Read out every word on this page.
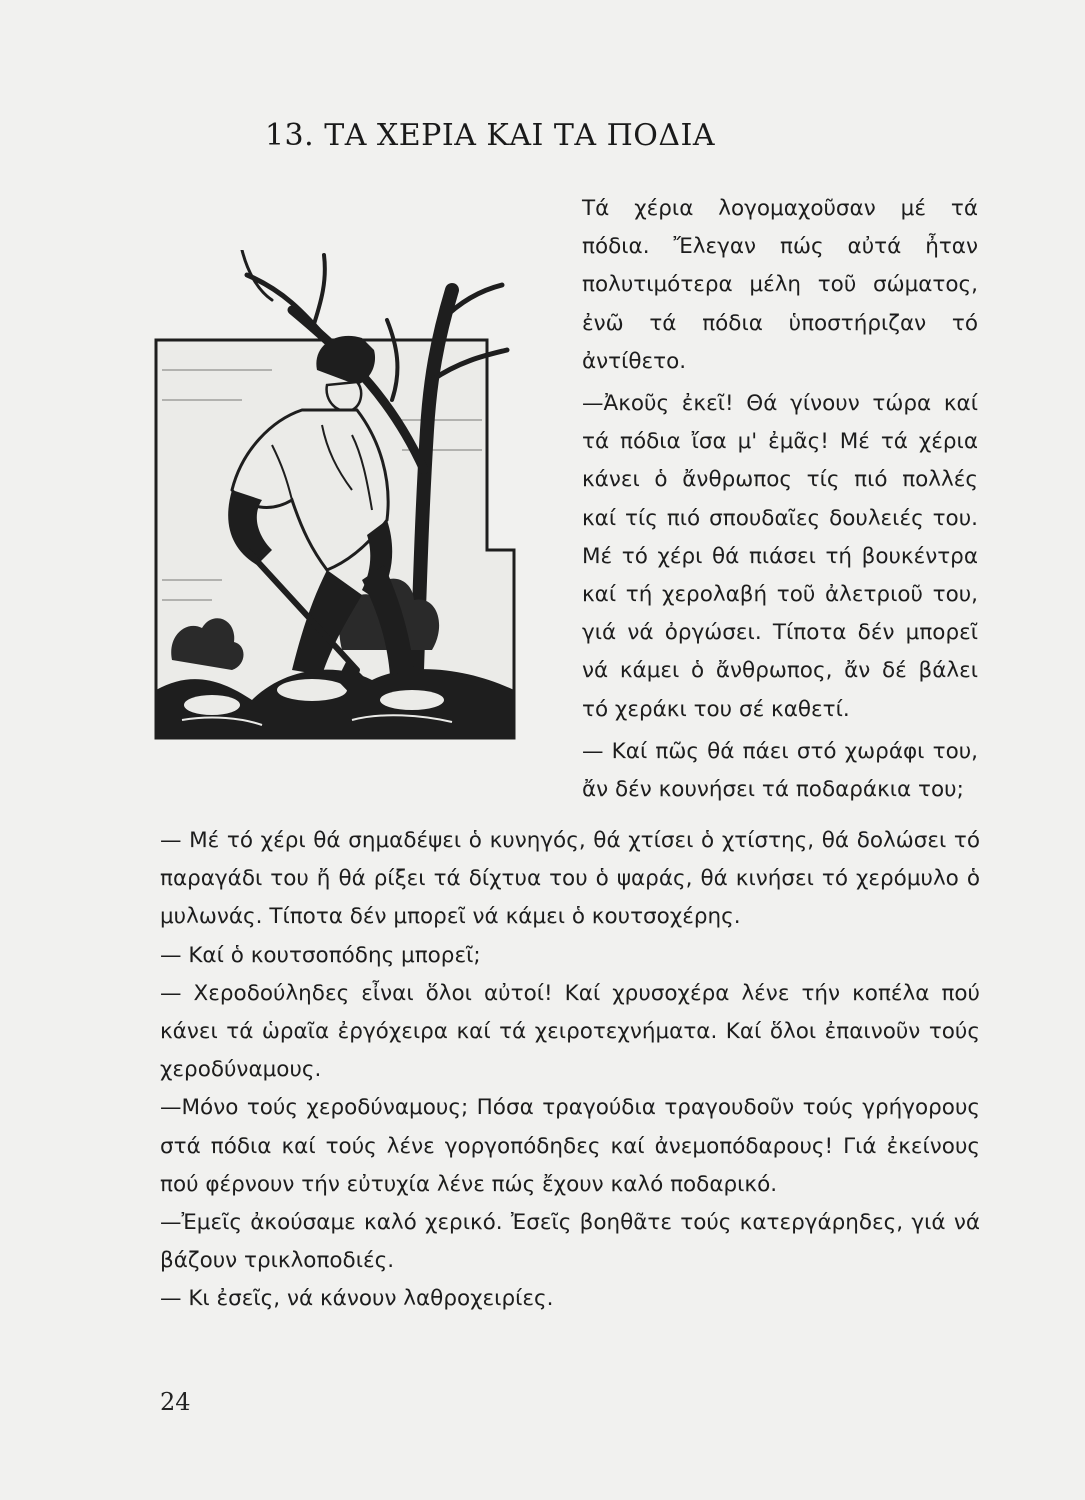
13. ΤΑ ΧΕΡΙΑ ΚΑΙ ΤΑ ΠΟΔΙΑ

Τά χέρια λογομαχοῦσαν μέ τά πόδια. Ἔλεγαν πώς αὐτά ἦταν πολυτιμότερα μέλη τοῦ σώματος, ἐνῶ τά πόδια ὑποστήριζαν τό ἀντίθετο.

—Ἀκοῦς ἐκεῖ! Θά γίνουν τώρα καί τά πόδια ἴσα μ' ἐμᾶς! Μέ τά χέρια κάνει ὁ ἄνθρωπος τίς πιό πολλές καί τίς πιό σπουδαῖες δουλειές του. Μέ τό χέρι θά πιάσει τή βουκέντρα καί τή χερολαβή τοῦ ἀλετριοῦ του, γιά νά ὀργώσει. Τίποτα δέν μπορεῖ νά κάμει ὁ ἄνθρωπος, ἄν δέ βάλει τό χεράκι του σέ καθετί.

— Καί πῶς θά πάει στό χωράφι του, ἄν δέν κουνήσει τά ποδαράκια του;

— Μέ τό χέρι θά σημαδέψει ὁ κυνηγός, θά χτίσει ὁ χτίστης, θά δολώσει τό παραγάδι του ἤ θά ρίξει τά δίχτυα του ὁ ψαράς, θά κινήσει τό χερόμυλο ὁ μυλωνάς. Τίποτα δέν μπορεῖ νά κάμει ὁ κουτσοχέρης.

— Καί ὁ κουτσοπόδης μπορεῖ;

— Χεροδούληδες εἶναι ὅλοι αὐτοί! Καί χρυσοχέρα λένε τήν κοπέλα πού κάνει τά ὡραῖα ἐργόχειρα καί τά χειροτεχνήματα. Καί ὅλοι ἐπαινοῦν τούς χεροδύναμους.

—Μόνο τούς χεροδύναμους; Πόσα τραγούδια τραγουδοῦν τούς γρήγορους στά πόδια καί τούς λένε γοργοπόδηδες καί ἀνεμοπόδαρους! Γιά ἐκείνους πού φέρνουν τήν εὐτυχία λένε πώς ἔχουν καλό ποδαρικό.

—Ἐμεῖς ἀκούσαμε καλό χερικό. Ἐσεῖς βοηθᾶτε τούς κατεργάρηδες, γιά νά βάζουν τρικλοποδιές.

— Κι ἐσεῖς, νά κάνουν λαθροχειρίες.

24
